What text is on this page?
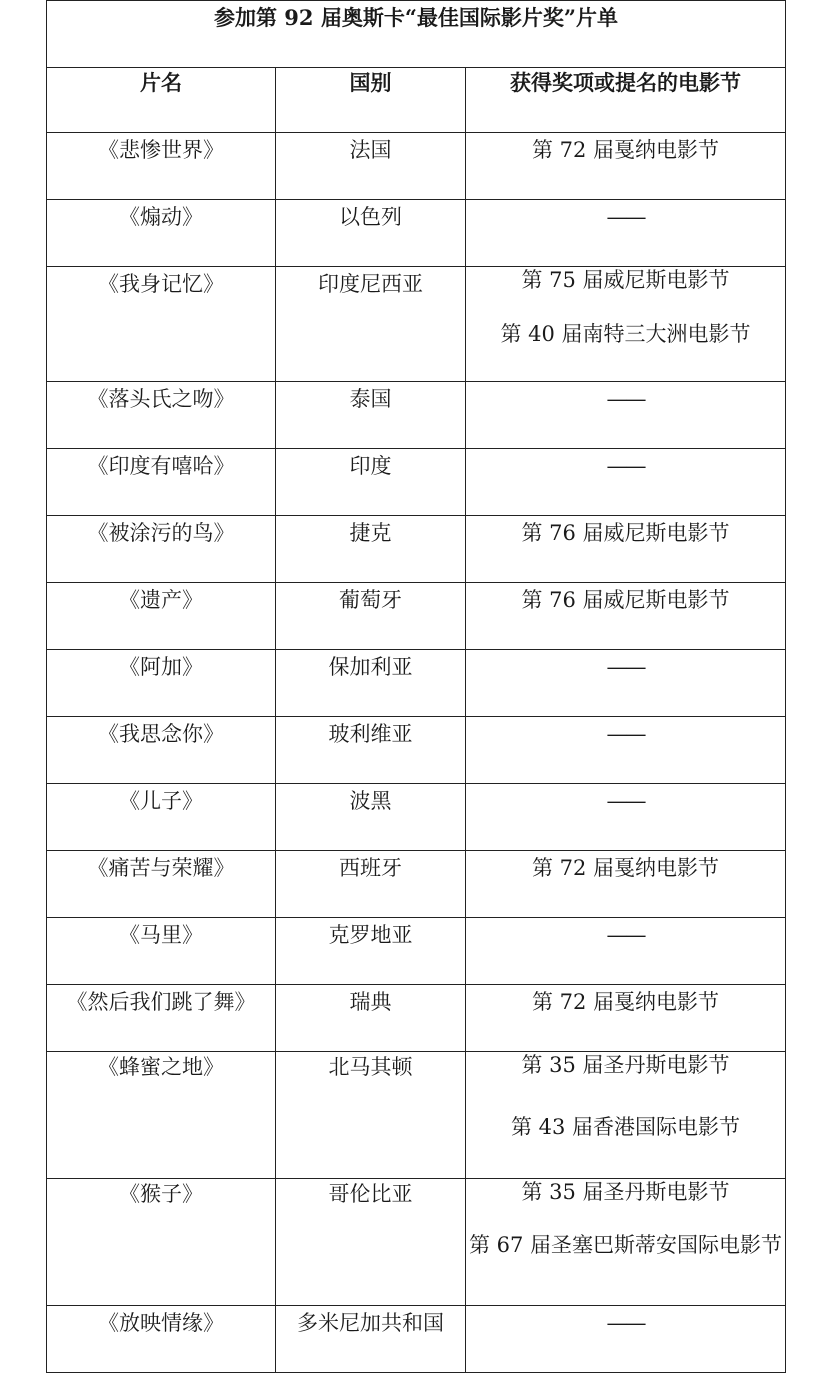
参加第 92 届奥斯卡“最佳国际影片奖”片单		
片名	国别	获得奖项或提名的电影节
《悲惨世界》	法国	第 72 届戛纳电影节

《煽动》	以色列	——

《我身记忆》	印度尼西亚	第 75 届威尼斯电影节
第 40 届南特三大洲电影节

《落头氏之吻》	泰国	——

《印度有嘻哈》	印度	——

《被涂污的鸟》	捷克	第 76 届威尼斯电影节

《遗产》	葡萄牙	第 76 届威尼斯电影节

《阿加》	保加利亚	——

《我思念你》	玻利维亚	——

《儿子》	波黑	——

《痛苦与荣耀》	西班牙	第 72 届戛纳电影节

《马里》	克罗地亚	——

《然后我们跳了舞》	瑞典	第 72 届戛纳电影节

《蜂蜜之地》	北马其顿	第 35 届圣丹斯电影节
第 43 届香港国际电影节

《猴子》	哥伦比亚	第 35 届圣丹斯电影节
第 67 届圣塞巴斯蒂安国际电影节

《放映情缘》	多米尼加共和国	——
